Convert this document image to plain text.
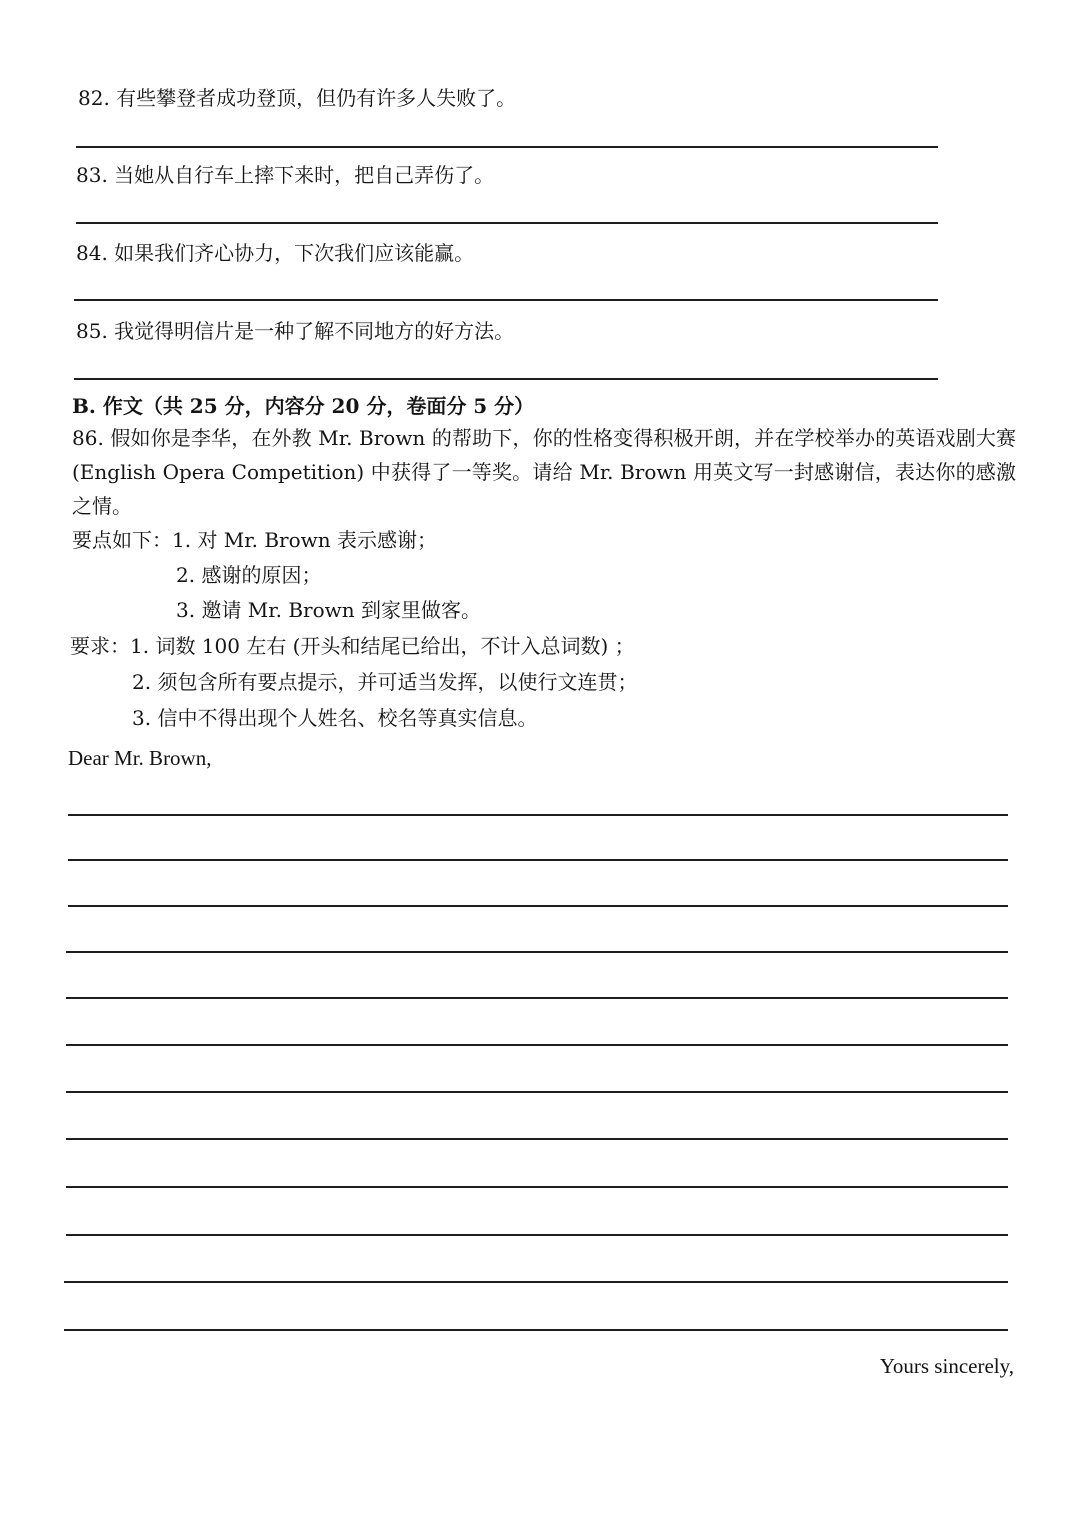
82. 有些攀登者成功登顶，但仍有许多人失败了。
83. 当她从自行车上摔下来时，把自己弄伤了。
84. 如果我们齐心协力，下次我们应该能赢。
85. 我觉得明信片是一种了解不同地方的好方法。
B. 作文（共 25 分，内容分 20 分，卷面分 5 分）
86. 假如你是李华，在外教 Mr. Brown 的帮助下，你的性格变得积极开朗，并在学校举办的英语戏剧大赛 (English Opera Competition) 中获得了一等奖。请给 Mr. Brown 用英文写一封感谢信，表达你的感激之情。
要点如下：1. 对 Mr. Brown 表示感谢；
2. 感谢的原因；
3. 邀请 Mr. Brown 到家里做客。
要求：1. 词数 100 左右 (开头和结尾已给出，不计入总词数) ；
2. 须包含所有要点提示，并可适当发挥，以使行文连贯；
3. 信中不得出现个人姓名、校名等真实信息。
Dear Mr. Brown,
Yours sincerely,
